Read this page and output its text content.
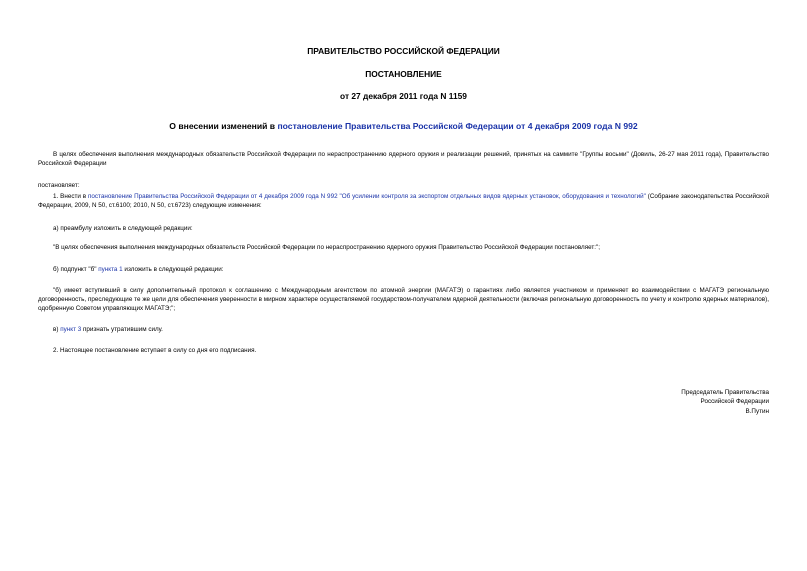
ПРАВИТЕЛЬСТВО РОССИЙСКОЙ ФЕДЕРАЦИИ
ПОСТАНОВЛЕНИЕ
от 27 декабря 2011 года N 1159
О внесении изменений в постановление Правительства Российской Федерации от 4 декабря 2009 года N 992
В целях обеспечения выполнения международных обязательств Российской Федерации по нераспространению ядерного оружия и реализации решений, принятых на саммите "Группы восьми" (Довиль, 26-27 мая 2011 года), Правительство Российской Федерации
постановляет:
1. Внести в постановление Правительства Российской Федерации от 4 декабря 2009 года N 992 "Об усилении контроля за экспортом отдельных видов ядерных установок, оборудования и технологий" (Собрание законодательства Российской Федерации, 2009, N 50, ст.6100; 2010, N 50, ст.6723) следующие изменения:
а) преамбулу изложить в следующей редакции:
"В целях обеспечения выполнения международных обязательств Российской Федерации по нераспространению ядерного оружия Правительство Российской Федерации постановляет:";
б) подпункт "б" пункта 1 изложить в следующей редакции:
"б) имеет вступивший в силу дополнительный протокол к соглашению с Международным агентством по атомной энергии (МАГАТЭ) о гарантиях либо является участником и применяет во взаимодействии с МАГАТЭ региональную договоренность, преследующие те же цели для обеспечения уверенности в мирном характере осуществляемой государством-получателем ядерной деятельности (включая региональную договоренность по учету и контролю ядерных материалов), одобренную Советом управляющих МАГАТЭ;";
в) пункт 3 признать утратившим силу.
2. Настоящее постановление вступает в силу со дня его подписания.
Председатель Правительства
Российской Федерации
В.Путин
